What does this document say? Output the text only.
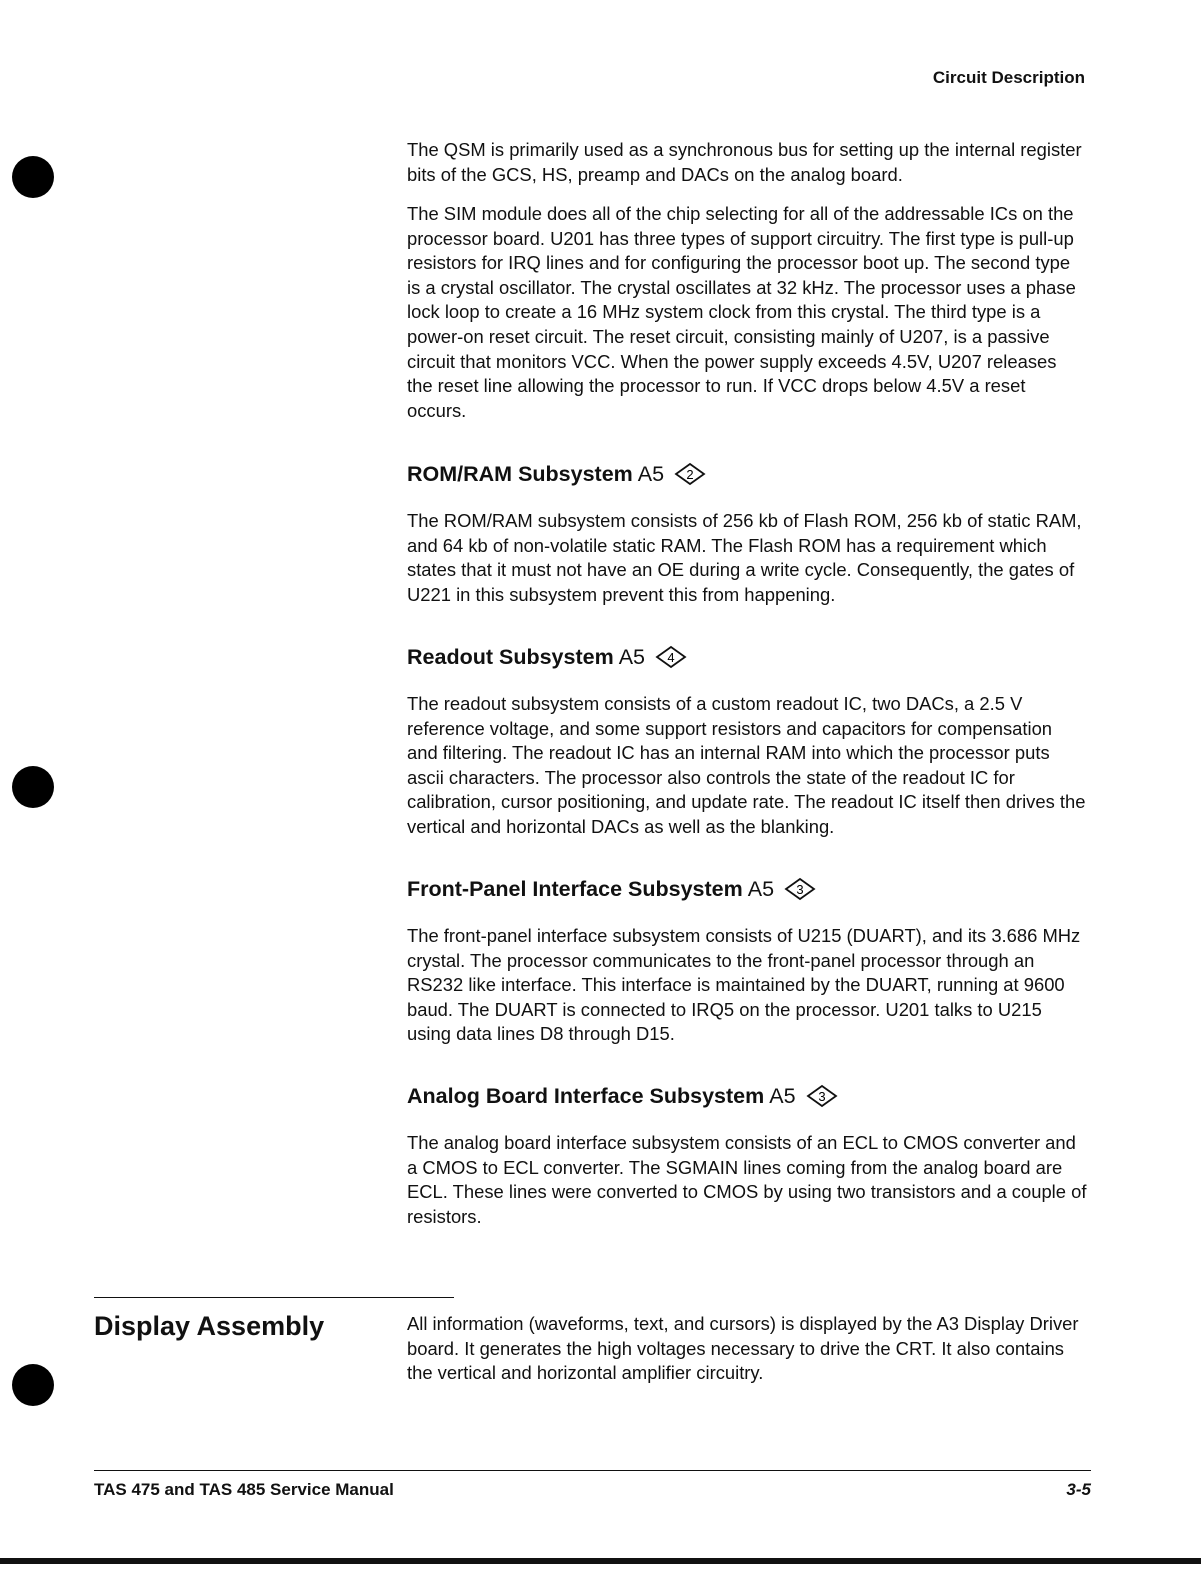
Circuit Description

The QSM is primarily used as a synchronous bus for setting up the internal register bits of the GCS, HS, preamp and DACs on the analog board.

The SIM module does all of the chip selecting for all of the addressable ICs on the processor board. U201 has three types of support circuitry. The first type is pull-up resistors for IRQ lines and for configuring the processor boot up. The second type is a crystal oscillator. The crystal oscillates at 32 kHz. The processor uses a phase lock loop to create a 16 MHz system clock from this crystal. The third type is a power-on reset circuit. The reset circuit, consisting mainly of U207, is a passive circuit that monitors VCC. When the power supply exceeds 4.5V, U207 releases the reset line allowing the processor to run. If VCC drops below 4.5V a reset occurs.

ROM/RAM Subsystem A5 2

The ROM/RAM subsystem consists of 256 kb of Flash ROM, 256 kb of static RAM, and 64 kb of non-volatile static RAM. The Flash ROM has a requirement which states that it must not have an OE during a write cycle. Consequently, the gates of U221 in this subsystem prevent this from happening.

Readout Subsystem A5 4

The readout subsystem consists of a custom readout IC, two DACs, a 2.5 V reference voltage, and some support resistors and capacitors for compensation and filtering. The readout IC has an internal RAM into which the processor puts ascii characters. The processor also controls the state of the readout IC for calibration, cursor positioning, and update rate. The readout IC itself then drives the vertical and horizontal DACs as well as the blanking.

Front-Panel Interface Subsystem A5 3

The front-panel interface subsystem consists of U215 (DUART), and its 3.686 MHz crystal. The processor communicates to the front-panel processor through an RS232 like interface. This interface is maintained by the DUART, running at 9600 baud. The DUART is connected to IRQ5 on the processor. U201 talks to U215 using data lines D8 through D15.

Analog Board Interface Subsystem A5 3

The analog board interface subsystem consists of an ECL to CMOS converter and a CMOS to ECL converter. The SGMAIN lines coming from the analog board are ECL. These lines were converted to CMOS by using two transistors and a couple of resistors.

Display Assembly	All information (waveforms, text, and cursors) is displayed by the A3 Display Driver board. It generates the high voltages necessary to drive the CRT. It also contains the vertical and horizontal amplifier circuitry.

TAS 475 and TAS 485 Service Manual	3-5
